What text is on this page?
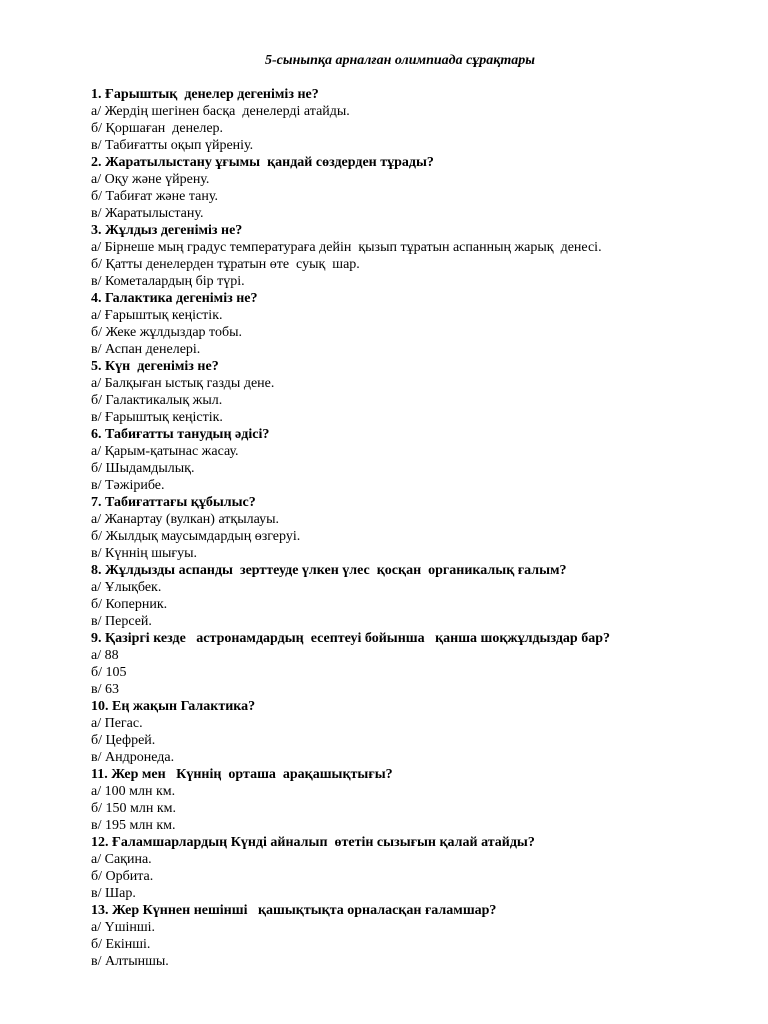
5-сыныпқа арналған олимпиада сұрақтары
1. Ғарыштық  денелер дегеніміз не?
а/ Жердің шегінен басқа  денелерді атайды.
б/ Қоршаған  денелер.
в/ Табиғатты оқып үйреніу.
2. Жаратылыстану ұғымы  қандай сөздерден тұрады?
а/ Оқу және үйрену.
б/ Табиғат және тану.
в/ Жаратылыстану.
3. Жұлдыз дегеніміз не?
а/ Бірнеше мың градус температураға дейін  қызып тұратын аспанның жарық  денесі.
б/ Қатты денелерден тұратын өте  суық  шар.
в/ Кометалардың бір түрі.
4. Галактика дегеніміз не?
а/ Ғарыштық кеңістік.
б/ Жеке жұлдыздар тобы.
в/ Аспан денелері.
5. Күн  дегеніміз не?
а/ Балқыған ыстық газды дене.
б/ Галактикалық жыл.
в/ Ғарыштық кеңістік.
6. Табиғатты танудың әдісі?
а/ Қарым-қатынас жасау.
б/ Шыдамдылық.
в/ Тәжірибе.
7. Табиғаттағы құбылыс?
а/ Жанартау (вулкан) атқылауы.
б/ Жылдық маусымдардың өзгеруі.
в/ Күннің шығуы.
8. Жұлдызды аспанды  зерттеуде үлкен үлес  қосқан  органикалық ғалым?
а/ Ұлықбек.
б/ Коперник.
в/ Персей.
9. Қазіргі кезде   астронамдардың  есептеуі бойынша   қанша шоқжұлдыздар бар?
а/ 88
б/ 105
в/ 63
10. Ең жақын Галактика?
а/ Пегас.
б/ Цефрей.
в/ Андронеда.
11. Жер мен   Күннің  орташа  арақашықтығы?
а/ 100 млн км.
б/ 150 млн км.
в/ 195 млн км.
12. Ғаламшарлардың Күнді айналып  өтетін сызығын қалай атайды?
а/ Сақина.
б/ Орбита.
в/ Шар.
13. Жер Күннен нешінші   қашықтықта орналасқан ғаламшар?
а/ Үшінші.
б/ Екінші.
в/ Алтыншы.
